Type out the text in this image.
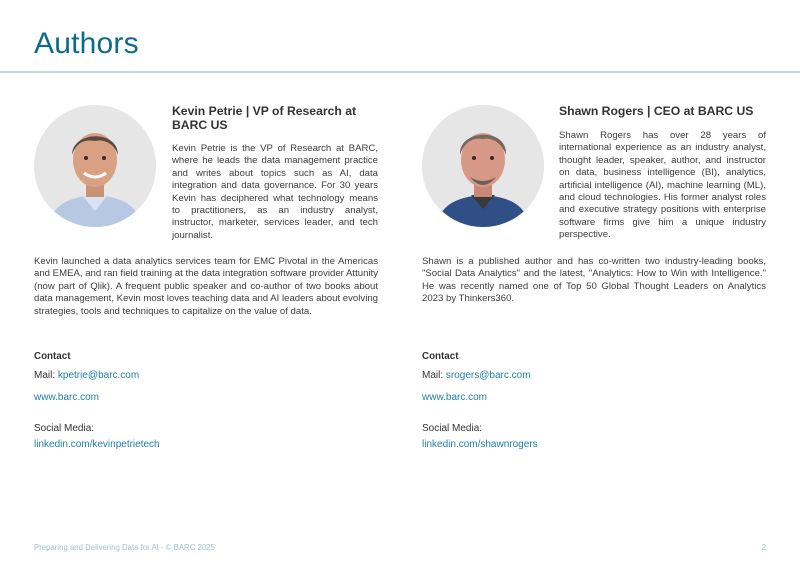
Authors
Kevin Petrie | VP of Research at BARC US

Kevin Petrie is the VP of Research at BARC, where he leads the data management practice and writes about topics such as AI, data integration and data governance. For 30 years Kevin has deciphered what technology means to practitioners, as an industry analyst, instructor, marketer, services leader, and tech journalist.

Kevin launched a data analytics services team for EMC Pivotal in the Americas and EMEA, and ran field training at the data integration software provider Attunity (now part of Qlik). A frequent public speaker and co-author of two books about data management, Kevin most loves teaching data and AI leaders about evolving strategies, tools and techniques to capitalize on the value of data.

Contact
Mail: kpetrie@barc.com
www.barc.com
Social Media:
linkedin.com/kevinpetrietech
Shawn Rogers | CEO at BARC US

Shawn Rogers has over 28 years of international experience as an industry analyst, thought leader, speaker, author, and instructor on data, business intelligence (BI), analytics, artificial intelligence (AI), machine learning (ML), and cloud technologies. His former analyst roles and executive strategy positions with enterprise software firms give him a unique industry perspective.

Shawn is a published author and has co-written two industry-leading books, "Social Data Analytics" and the latest, "Analytics: How to Win with Intelligence." He was recently named one of Top 50 Global Thought Leaders on Analytics 2023 by Thinkers360.

Contact
Mail: srogers@barc.com
www.barc.com
Social Media:
linkedin.com/shawnrogers
Preparing and Delivering Data for AI - © BARC 2025	2
